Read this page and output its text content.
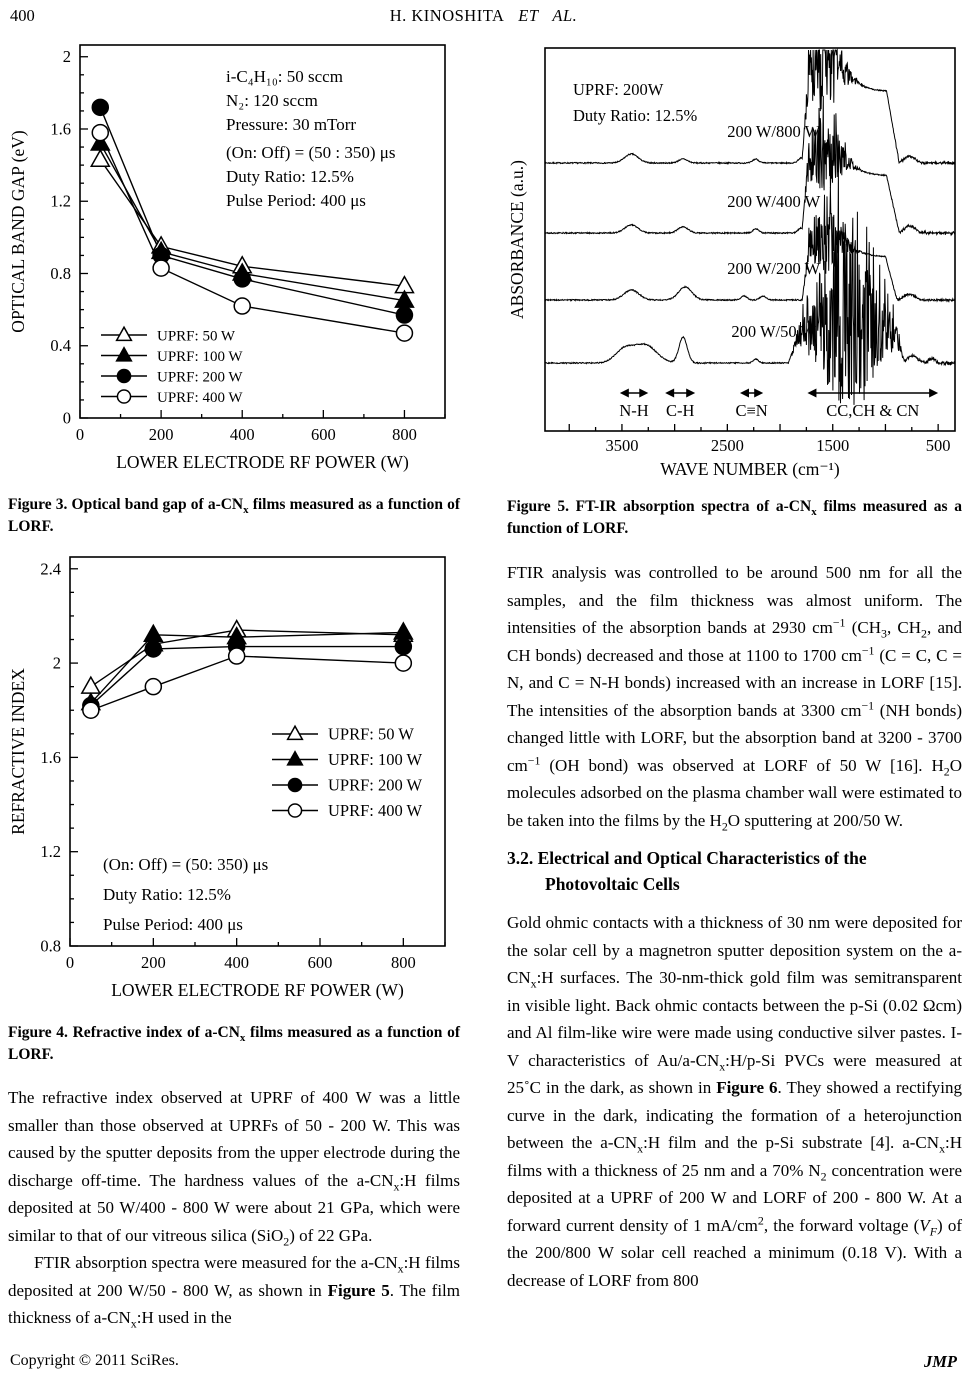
400	H. KINOSHITA   ET   AL.
0	200	400	600	800
0
0.4
0.8
1.2
1.6
2
LOWER ELECTRODE RF POWER (W)
OPTICAL BAND GAP (eV)
UPRF: 50 W
UPRF: 100 W
UPRF: 200 W
UPRF: 400 W
i-C₄H₁₀: 50 sccm
N₂: 120 sccm
Pressure: 30 mTorr
(On: Off) = (50 : 350) μs
Duty Ratio: 12.5%
Pulse Period: 400 μs
Figure 3. Optical band gap of $a-CN_x$ films measured as a function of LORF.
0	200	400	600	800
0.8
1.2
1.6
2
2.4
LOWER ELECTRODE RF POWER (W)
REFRACTIVE INDEX	UPRF: 50 W
UPRF: 100 W
UPRF: 200 W
UPRF: 400 W
(On: Off) = (50: 350) μs
Duty Ratio: 12.5%
Pulse Period: 400 μs
Figure 4. Refractive index of $a-CN_x$ films measured as a function of LORF.
The refractive index observed at UPRF of 400 W was a little smaller than those observed at UPRFs of 50 - 200 W. This was caused by the sputter deposits from the upper electrode during the discharge off-time. The hardness values of the $a-CN_x:H$ films deposited at 50 W/400 - 800 W were about 21 GPa, which were similar to that of our vitreous silica (SiO$_2$) of 22 GPa.
FTIR absorption spectra were measured for the $a-CN_x:H$ films deposited at 200 W/50 - 800 W, as shown in Figure 5. The film thickness of $a-CN_x:H$ used in the
3500	2500	1500	500
WAVE NUMBER (cm⁻¹)
ABSORBANCE (a.u.)
UPRF: 200W
Duty Ratio: 12.5%
200 W/800 W
200 W/400 W
200 W/200 W
200 W/50 W
N-H C-H C≡N	CC,CH & CN
Figure 5. FT-IR absorption spectra of $a-CN_x$ films measured as a function of LORF.
FTIR analysis was controlled to be around 500 nm for all the samples, and the film thickness was almost uniform. The intensities of the absorption bands at 2930 $cm^{-1}$ ($CH_3$, $CH_2$, and CH bonds) decreased and those at 1100 to 1700 $cm^{-1}$ (C = C, C = N, and C = N-H bonds) increased with an increase in LORF [15]. The intensities of the absorption bands at 3300 $cm^{-1}$ (NH bonds) changed little with LORF, but the absorption band at 3200 - 3700 $cm^{-1}$ (OH bond) was observed at LORF of 50 W [16]. $H_2O$ molecules adsorbed on the plasma chamber wall were estimated to be taken into the films by the $H_2O$ sputtering at 200/50 W.
3.2. Electrical and Optical Characteristics of the Photovoltaic Cells
Gold ohmic contacts with a thickness of 30 nm were deposited for the solar cell by a magnetron sputter deposition system on the $a-CN_x:H$ surfaces. The 30-nm-thick gold film was semitransparent in visible light. Back ohmic contacts between the p-Si (0.02 Ωcm) and Al film-like wire were made using conductive silver pastes. I-V characteristics of $Au/a-CN_x:H/p-Si$ PVCs were measured at 25˚C in the dark, as shown in Figure 6. They showed a rectifying curve in the dark, indicating the formation of a heterojunction between the $a-CN_x:H$ film and the p-Si substrate [4]. $a-CN_x:H$ films with a thickness of 25 nm and a 70% $N_2$ concentration were deposited at a UPRF of 200 W and LORF of 200 - 800 W. At a forward current density of 1 $mA/cm^2$, the forward voltage $(V_F)$ of the 200/800 W solar cell reached a minimum (0.18 V). With a decrease of LORF from 800
Copyright © 2011 SciRes.	JMP
